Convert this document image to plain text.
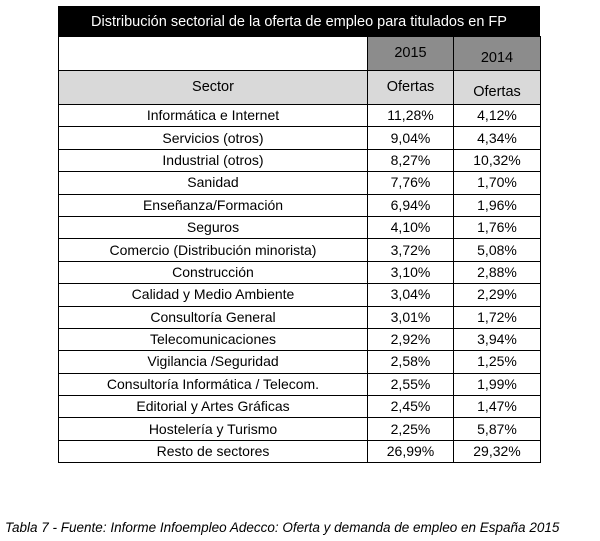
Distribución sectorial de la oferta de empleo para titulados en FP
	2015	2014
Sector	Ofertas	Ofertas
Informática e Internet	11,28%	4,12%
Servicios (otros)	9,04%	4,34%
Industrial (otros)	8,27%	10,32%
Sanidad	7,76%	1,70%
Enseñanza/Formación	6,94%	1,96%
Seguros	4,10%	1,76%
Comercio (Distribución minorista)	3,72%	5,08%
Construcción	3,10%	2,88%
Calidad y Medio Ambiente	3,04%	2,29%
Consultoría General	3,01%	1,72%
Telecomunicaciones	2,92%	3,94%
Vigilancia /Seguridad	2,58%	1,25%
Consultoría Informática / Telecom.	2,55%	1,99%
Editorial y Artes Gráficas	2,45%	1,47%
Hostelería y Turismo	2,25%	5,87%
Resto de sectores	26,99%	29,32%
Tabla 7 - Fuente: Informe Infoempleo Adecco: Oferta y demanda de empleo en España 2015
